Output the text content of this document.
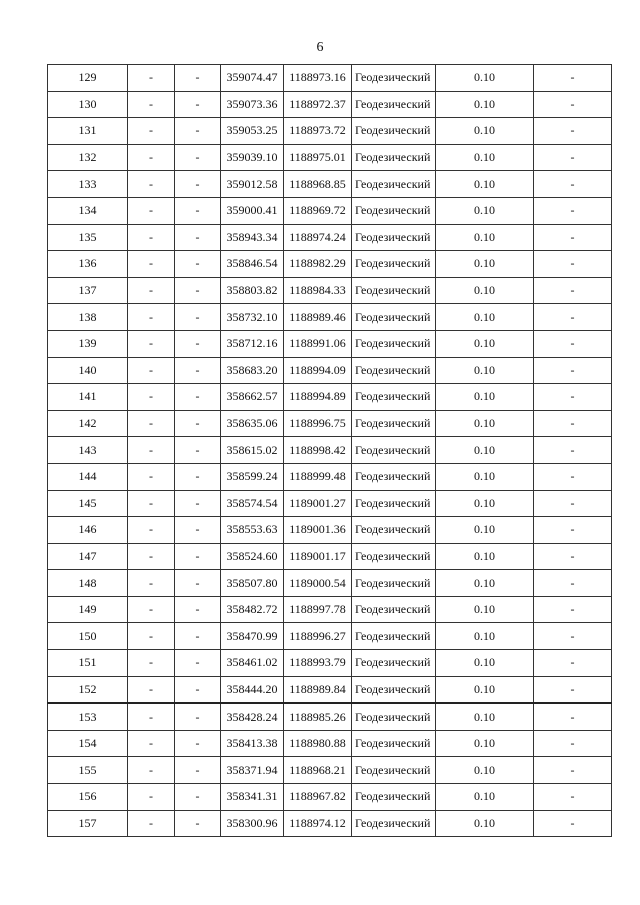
6
129	-	-	359074.47	1188973.16	Геодезический	0.10	-
130	-	-	359073.36	1188972.37	Геодезический	0.10	-
131	-	-	359053.25	1188973.72	Геодезический	0.10	-
132	-	-	359039.10	1188975.01	Геодезический	0.10	-
133	-	-	359012.58	1188968.85	Геодезический	0.10	-
134	-	-	359000.41	1188969.72	Геодезический	0.10	-
135	-	-	358943.34	1188974.24	Геодезический	0.10	-
136	-	-	358846.54	1188982.29	Геодезический	0.10	-
137	-	-	358803.82	1188984.33	Геодезический	0.10	-
138	-	-	358732.10	1188989.46	Геодезический	0.10	-
139	-	-	358712.16	1188991.06	Геодезический	0.10	-
140	-	-	358683.20	1188994.09	Геодезический	0.10	-
141	-	-	358662.57	1188994.89	Геодезический	0.10	-
142	-	-	358635.06	1188996.75	Геодезический	0.10	-
143	-	-	358615.02	1188998.42	Геодезический	0.10	-
144	-	-	358599.24	1188999.48	Геодезический	0.10	-
145	-	-	358574.54	1189001.27	Геодезический	0.10	-
146	-	-	358553.63	1189001.36	Геодезический	0.10	-
147	-	-	358524.60	1189001.17	Геодезический	0.10	-
148	-	-	358507.80	1189000.54	Геодезический	0.10	-
149	-	-	358482.72	1188997.78	Геодезический	0.10	-
150	-	-	358470.99	1188996.27	Геодезический	0.10	-
151	-	-	358461.02	1188993.79	Геодезический	0.10	-
152	-	-	358444.20	1188989.84	Геодезический	0.10	-
153	-	-	358428.24	1188985.26	Геодезический	0.10	-
154	-	-	358413.38	1188980.88	Геодезический	0.10	-
155	-	-	358371.94	1188968.21	Геодезический	0.10	-
156	-	-	358341.31	1188967.82	Геодезический	0.10	-
157	-	-	358300.96	1188974.12	Геодезический	0.10	-
